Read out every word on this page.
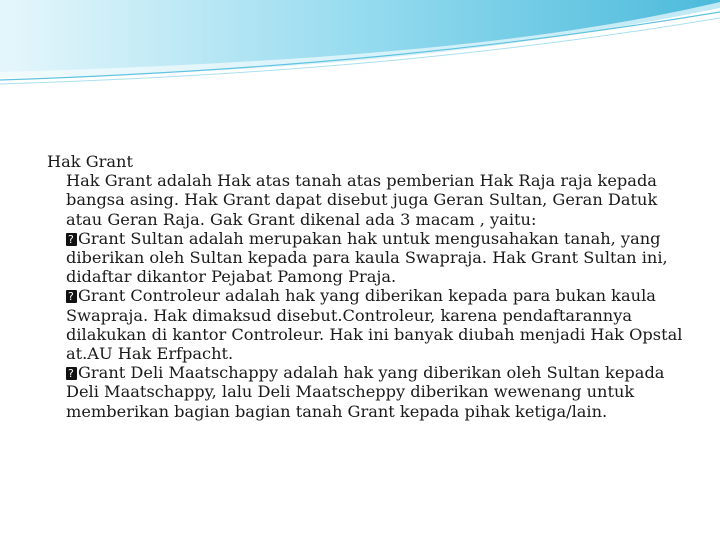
Hak Grant

Hak Grant adalah Hak atas tanah atas pemberian Hak Raja raja kepada bangsa asing. Hak Grant dapat disebut juga Geran Sultan, Geran Datuk atau Geran Raja. Gak Grant dikenal ada 3 macam , yaitu:

?Grant Sultan adalah merupakan hak untuk mengusahakan tanah, yang diberikan oleh Sultan kepada para kaula Swapraja. Hak Grant Sultan ini, didaftar dikantor Pejabat Pamong Praja.

?Grant Controleur adalah hak yang diberikan kepada para bukan kaula Swapraja. Hak dimaksud disebut.Controleur, karena pendaftarannya dilakukan di kantor Controleur. Hak ini banyak diubah menjadi Hak Opstal at.AU Hak Erfpacht.

?Grant Deli Maatschappy adalah hak yang diberikan oleh Sultan kepada Deli Maatschappy, lalu Deli Maatscheppy diberikan wewenang untuk memberikan bagian bagian tanah Grant kepada pihak ketiga/lain.
